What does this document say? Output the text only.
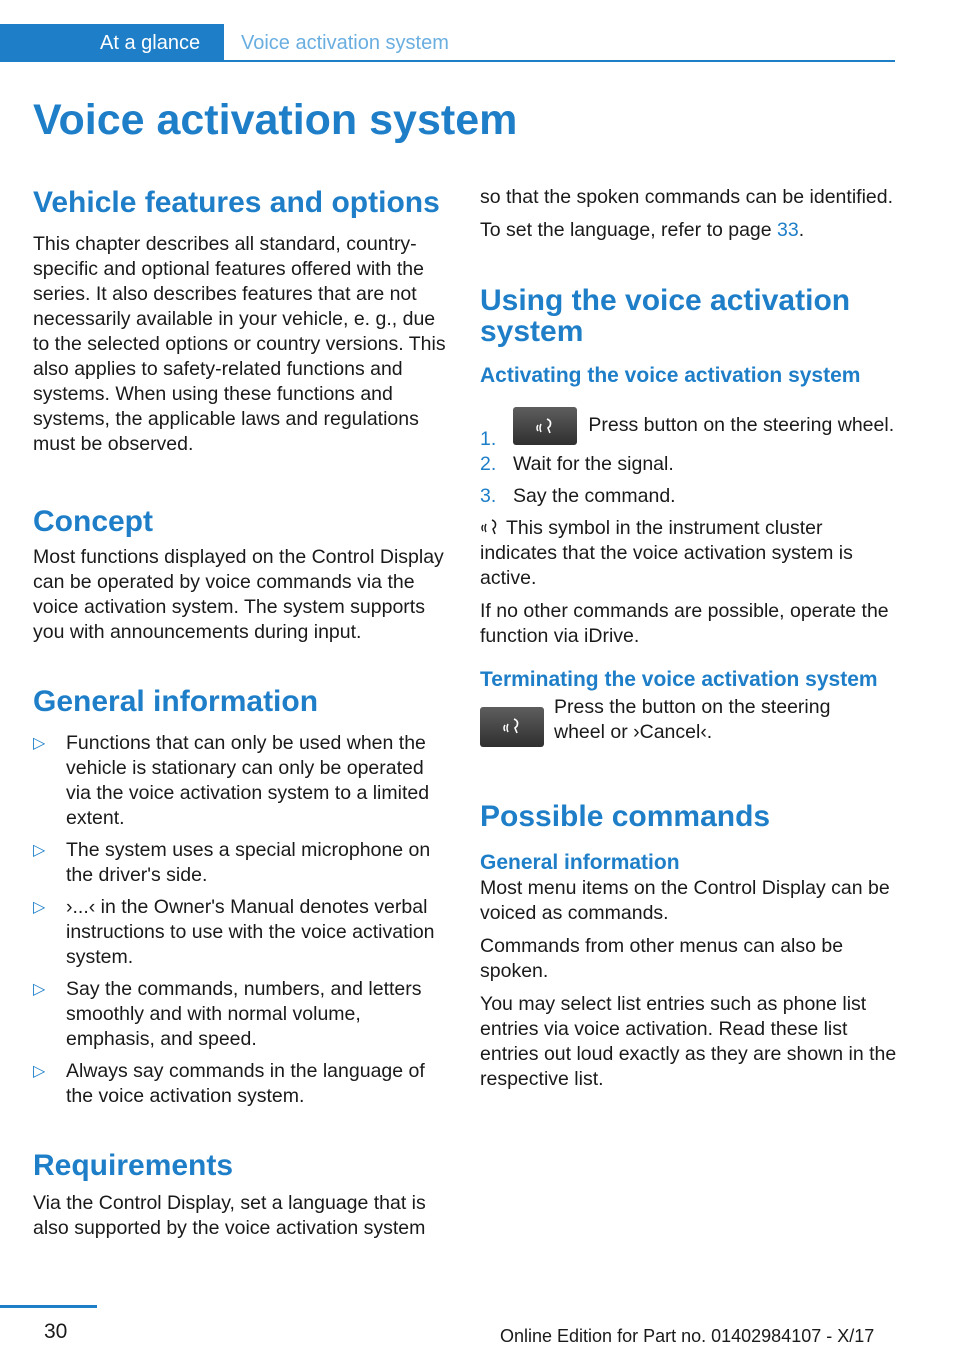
At a glance Voice activation system
Voice activation system
Vehicle features and options

This chapter describes all standard, country-specific and optional features offered with the series. It also describes features that are not necessarily available in your vehicle, e. g., due to the selected options or country versions. This also applies to safety-related functions and systems. When using these functions and systems, the applicable laws and regulations must be observed.

Concept

Most functions displayed on the Control Display can be operated by voice commands via the voice activation system. The system supports you with announcements during input.

General information
▷ Functions that can only be used when the vehicle is stationary can only be operated via the voice activation system to a limited extent.
▷ The system uses a special microphone on the driver's side.
▷ ›...‹ in the Owner's Manual denotes verbal instructions to use with the voice activation system.
▷ Say the commands, numbers, and letters smoothly and with normal volume, emphasis, and speed.
▷ Always say commands in the language of the voice activation system.
Requirements

Via the Control Display, set a language that is also supported by the voice activation system

so that the spoken commands can be identified.

To set the language, refer to page 33.

Using the voice activation system
Activating the voice activation system
1.
Press button on the steering wheel.
2. Wait for the signal.
3. Say the command.

This symbol in the instrument cluster indicates that the voice activation system is active.

If no other commands are possible, operate the function via iDrive.

Terminating the voice activation system

Press the button on the steering wheel or ›Cancel‹.

Possible commands
General information

Most menu items on the Control Display can be voiced as commands.

Commands from other menus can also be spoken.

You may select list entries such as phone list entries via voice activation. Read these list entries out loud exactly as they are shown in the respective list.

30	Online Edition for Part no. 01402984107 - X/17
